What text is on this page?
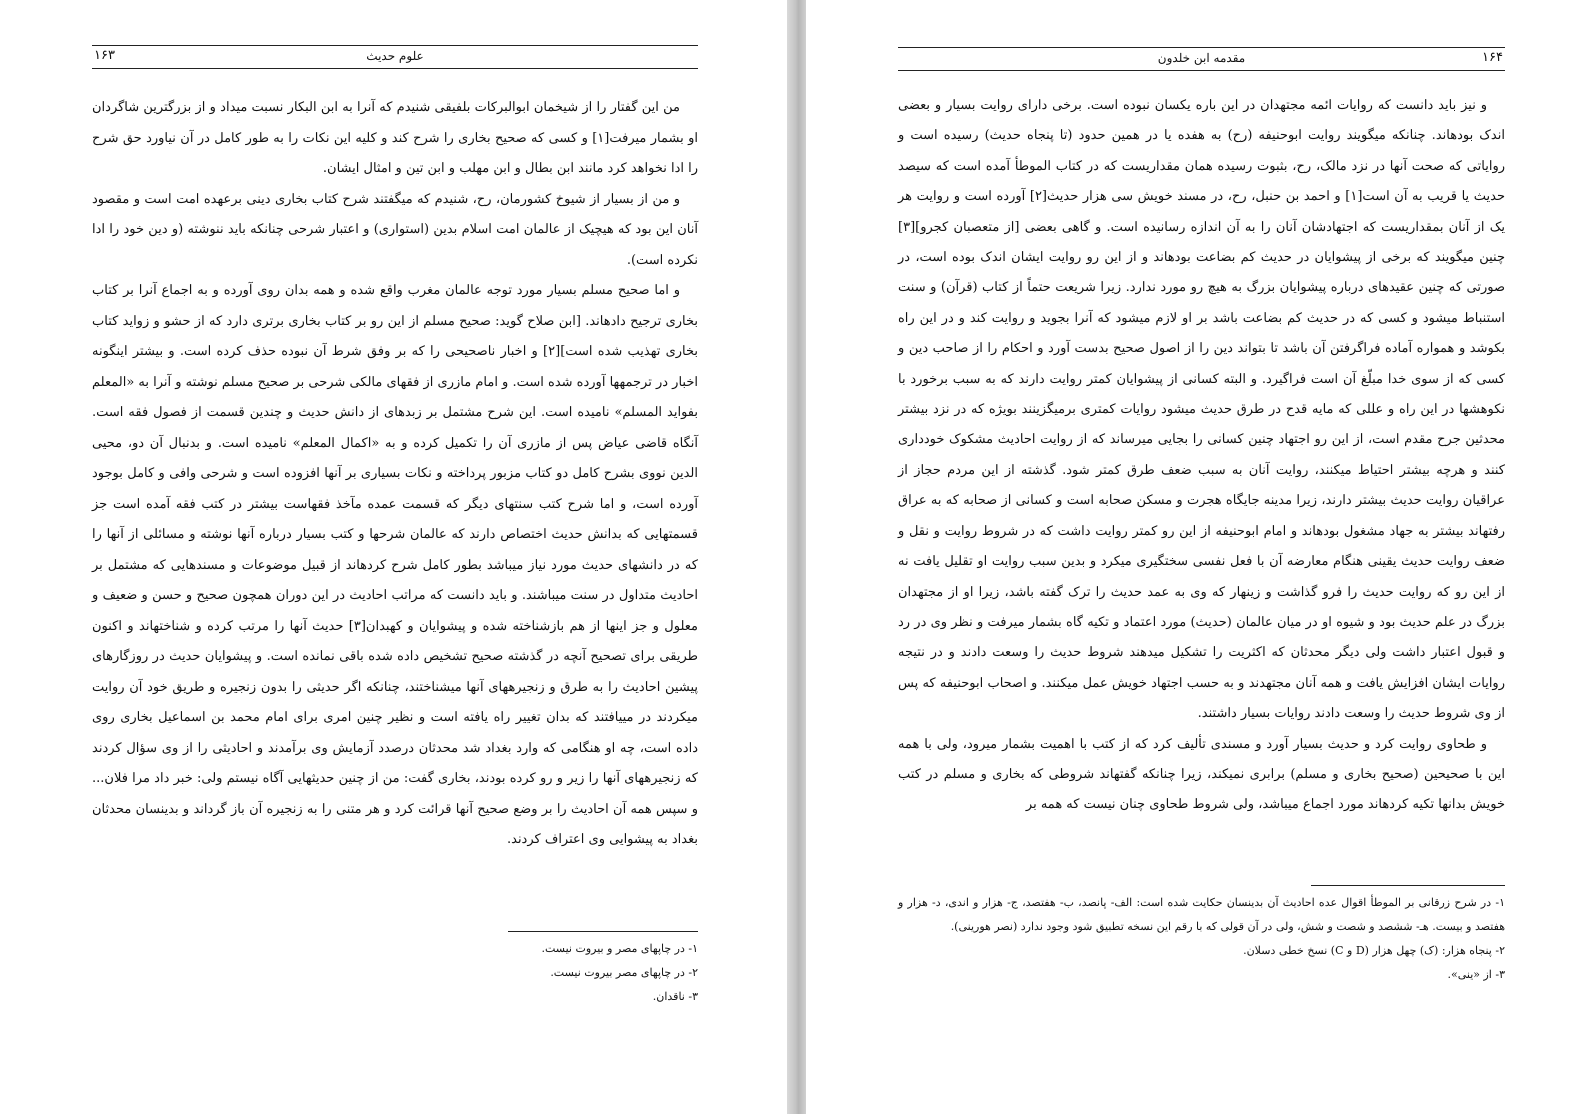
علوم حدیث
۱۶۳

من این گفتار را از شیخمان ابوالبرکات بلفیقی شنیدم که آنرا به ابن البکار نسبت میداد و از بزرگترین شاگردان او بشمار میرفت[۱] و کسی که صحیح بخاری را شرح کند و کلیه این نکات را به طور کامل در آن نیاورد حق شرح را ادا نخواهد کرد مانند ابن بطال و ابن مهلب و ابن تین و امثال ایشان.

و من از بسیار از شیوخ کشورمان، رح، شنیدم که میگفتند شرح کتاب بخاری دینی برعهده امت است و مقصود آنان این بود که هیچیک از عالمان امت اسلام بدین (استواری) و اعتبار شرحی چنانکه باید ننوشته (و دین خود را ادا نکرده است).

و اما صحیح مسلم بسیار مورد توجه عالمان مغرب واقع شده و همه بدان روی آورده و به اجماع آنرا بر کتاب بخاری ترجیح دادهاند. [ابن صلاح گوید: صحیح مسلم از این رو بر کتاب بخاری برتری دارد که از حشو و زواید کتاب بخاری تهذیب شده است][۲] و اخبار ناصحیحی را که بر وفق شرط آن نبوده حذف کرده است. و بیشتر اینگونه اخبار در ترجمهها آورده شده است. و امام مازری از فقهای مالکی شرحی بر صحیح مسلم نوشته و آنرا به «المعلم بفواید المسلم» نامیده است. این شرح مشتمل بر زبدهای از دانش حدیث و چندین قسمت از فصول فقه است. آنگاه قاضی عیاض پس از مازری آن را تکمیل کرده و به «اکمال المعلم» نامیده است. و بدنبال آن دو، محیی الدین نووی بشرح کامل دو کتاب مزبور پرداخته و نکات بسیاری بر آنها افزوده است و شرحی وافی و کامل بوجود آورده است، و اما شرح کتب سنتهای دیگر که قسمت عمده مآخذ فقهاست بیشتر در کتب فقه آمده است جز قسمتهایی که بدانش حدیث اختصاص دارند که عالمان شرحها و کتب بسیار درباره آنها نوشته و مسائلی از آنها را که در دانشهای حدیث مورد نیاز میباشد بطور کامل شرح کردهاند از قبیل موضوعات و مسندهایی که مشتمل بر احادیث متداول در سنت میباشند. و باید دانست که مراتب احادیث در این دوران همچون صحیح و حسن و ضعیف و معلول و جز اینها از هم بازشناخته شده و پیشوایان و کهبدان[۳] حدیث آنها را مرتب کرده و شناختهاند و اکنون طریقی برای تصحیح آنچه در گذشته صحیح تشخیص داده شده باقی نمانده است. و پیشوایان حدیث در روزگارهای پیشین احادیث را به طرق و زنجیرههای آنها میشناختند، چنانکه اگر حدیثی را بدون زنجیره و طریق خود آن روایت میکردند در مییافتند که بدان تغییر راه یافته است و نظیر چنین امری برای امام محمد بن اسماعیل بخاری روی داده است، چه او هنگامی که وارد بغداد شد محدثان درصدد آزمایش وی برآمدند و احادیثی را از وی سؤال کردند که زنجیرههای آنها را زیر و رو کرده بودند، بخاری گفت: من از چنین حدیثهایی آگاه نیستم ولی: خبر داد مرا فلان... و سپس همه آن احادیث را بر وضع صحیح آنها قرائت کرد و هر متنی را به زنجیره آن باز گرداند و بدینسان محدثان بغداد به پیشوایی وی اعتراف کردند.

۱- در چاپهای مصر و بیروت نیست.
۲- در چاپهای مصر بیروت نیست.
۳- ناقدان.
مقدمه ابن خلدون	۱۶۴

و نیز باید دانست که روایات ائمه مجتهدان در این باره یکسان نبوده است. برخی دارای روایت بسیار و بعضی اندک بودهاند. چنانکه میگویند روایت ابوحنیفه (رح) به هفده یا در همین حدود (تا پنجاه حدیث) رسیده است و روایاتی که صحت آنها در نزد مالک، رح، بثبوت رسیده همان مقداریست که در کتاب الموطأ آمده است که سیصد حدیث یا قریب به آن است[۱] و احمد بن حنبل، رح، در مسند خویش سی هزار حدیث[۲] آورده است و روایت هر یک از آنان بمقداریست که اجتهادشان آنان را به آن اندازه رسانیده است. و گاهی بعضی [از متعصبان کجرو][۳] چنین میگویند که برخی از پیشوایان در حدیث کم بضاعت بودهاند و از این رو روایت ایشان اندک بوده است، در صورتی که چنین عقیدهای درباره پیشوایان بزرگ به هیچ رو مورد ندارد. زیرا شریعت حتماً از کتاب (قرآن) و سنت استنباط میشود و کسی که در حدیث کم بضاعت باشد بر او لازم میشود که آنرا بجوید و روایت کند و در این راه بکوشد و همواره آماده فراگرفتن آن باشد تا بتواند دین را از اصول صحیح بدست آورد و احکام را از صاحب دین و کسی که از سوی خدا مبلّغ آن است فراگیرد. و البته کسانی از پیشوایان کمتر روایت دارند که به سبب برخورد با نکوهشها در این راه و عللی که مایه قدح در طرق حدیث میشود روایات کمتری برمیگزینند بویژه که در نزد بیشتر محدثین جرح مقدم است، از این رو اجتهاد چنین کسانی را بجایی میرساند که از روایت احادیث مشکوک خودداری کنند و هرچه بیشتر احتیاط میکنند، روایت آنان به سبب ضعف طرق کمتر شود. گذشته از این مردم حجاز از عراقیان روایت حدیث بیشتر دارند، زیرا مدینه جایگاه هجرت و مسکن صحابه است و کسانی از صحابه که به عراق رفتهاند بیشتر به جهاد مشغول بودهاند و امام ابوحنیفه از این رو کمتر روایت داشت که در شروط روایت و نقل و ضعف روایت حدیث یقینی هنگام معارضه آن با فعل نفسی سختگیری میکرد و بدین سبب روایت او تقلیل یافت نه از این رو که روایت حدیث را فرو گذاشت و زینهار که وی به عمد حدیث را ترک گفته باشد، زیرا او از مجتهدان بزرگ در علم حدیث بود و شیوه او در میان عالمان (حدیث) مورد اعتماد و تکیه گاه بشمار میرفت و نظر وی در رد و قبول اعتبار داشت ولی دیگر محدثان که اکثریت را تشکیل میدهند شروط حدیث را وسعت دادند و در نتیجه روایات ایشان افزایش یافت و همه آنان مجتهدند و به حسب اجتهاد خویش عمل میکنند. و اصحاب ابوحنیفه که پس از وی شروط حدیث را وسعت دادند روایات بسیار داشتند.

و طحاوی روایت کرد و حدیث بسیار آورد و مسندی تألیف کرد که از کتب با اهمیت بشمار میرود، ولی با همه این با صحیحین (صحیح بخاری و مسلم) برابری نمیکند، زیرا چنانکه گفتهاند شروطی که بخاری و مسلم در کتب خویش بدانها تکیه کردهاند مورد اجماع میباشد، ولی شروط طحاوی چنان نیست که همه بر

۱- در شرح زرقانی بر الموطأ اقوال عده احادیث آن بدینسان حکایت شده است: الف- پانصد، ب- هفتصد، ج- هزار و اندی، د- هزار و هفتصد و بیست. هـ- ششصد و شصت و شش، ولی در آن قولی که با رقم این نسخه تطبیق شود وجود ندارد (نصر هورینی).
۲- پنجاه هزار: (ک) چهل هزار (D و C) نسخ خطی دسلان.
۳- از «ینی».
